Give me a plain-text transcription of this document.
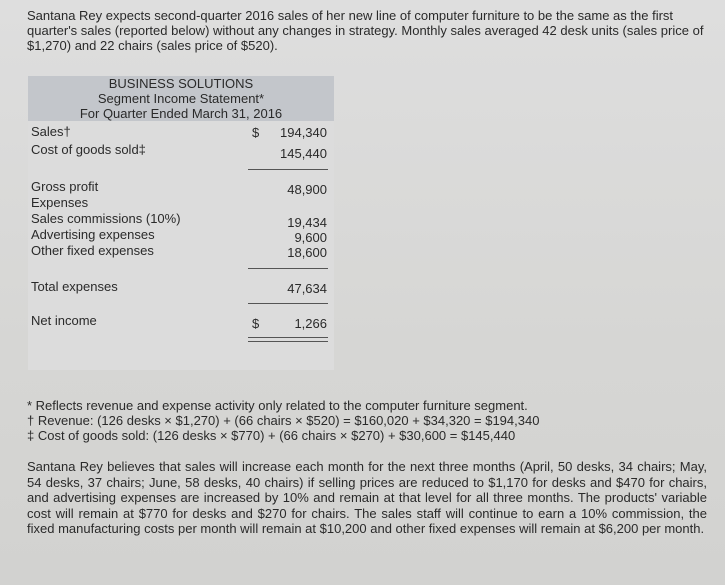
Santana Rey expects second-quarter 2016 sales of her new line of computer furniture to be the same as the first quarter's sales (reported below) without any changes in strategy. Monthly sales averaged 42 desk units (sales price of $1,270) and 22 chairs (sales price of $520).
BUSINESS SOLUTIONS
Segment Income Statement*
For Quarter Ended March 31, 2016
Sales†	$	194,340
Cost of goods sold‡	145,440
Gross profit	48,900
Expenses
Sales commissions (10%)	19,434
Advertising expenses	9,600
Other fixed expenses	18,600
Total expenses	47,634
Net income	$	1,266
* Reflects revenue and expense activity only related to the computer furniture segment.
† Revenue: (126 desks × $1,270) + (66 chairs × $520) = $160,020 + $34,320 = $194,340
‡ Cost of goods sold: (126 desks × $770) + (66 chairs × $270) + $30,600 = $145,440
Santana Rey believes that sales will increase each month for the next three months (April, 50 desks, 34 chairs; May, 54 desks, 37 chairs; June, 58 desks, 40 chairs) if selling prices are reduced to $1,170 for desks and $470 for chairs, and advertising expenses are increased by 10% and remain at that level for all three months. The products' variable cost will remain at $770 for desks and $270 for chairs. The sales staff will continue to earn a 10% commission, the fixed manufacturing costs per month will remain at $10,200 and other fixed expenses will remain at $6,200 per month.
